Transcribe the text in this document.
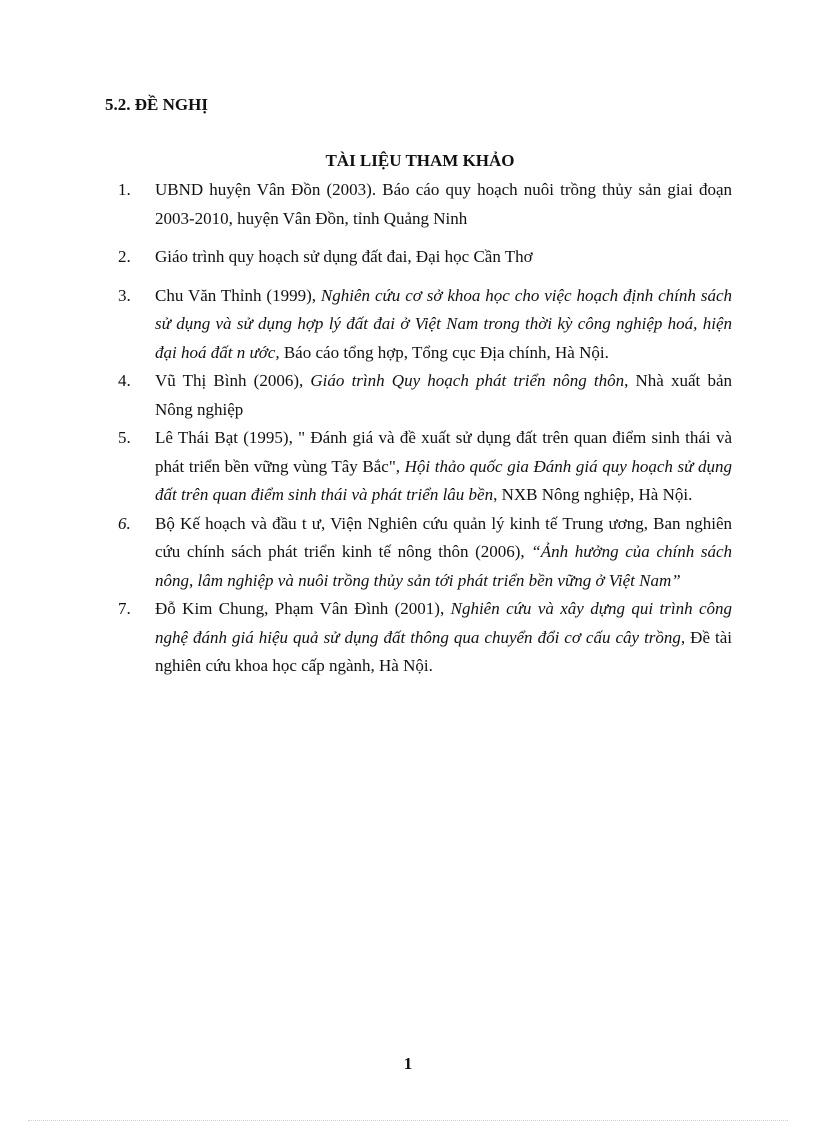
5.2. ĐỀ NGHỊ
TÀI LIỆU THAM KHẢO
1.	UBND huyện Vân Đồn (2003). Báo cáo quy hoạch nuôi trồng thủy sản giai đoạn 2003-2010, huyện Vân Đồn, tỉnh Quảng Ninh
2.	Giáo trình quy hoạch sử dụng đất đai, Đại học Cần Thơ
3.	Chu Văn Thỉnh (1999), Nghiên cứu cơ sở khoa học cho việc hoạch định chính sách sử dụng và sử dụng hợp lý đất đai ở Việt Nam trong thời kỳ công nghiệp hoá, hiện đại hoá đất n ước, Báo cáo tổng hợp, Tổng cục Địa chính, Hà Nội.
4.	Vũ Thị Bình (2006), Giáo trình Quy hoạch phát triển nông thôn, Nhà xuất bản Nông nghiệp
5.	Lê Thái Bạt (1995), " Đánh giá và đề xuất sử dụng đất trên quan điểm sinh thái và phát triển bền vững vùng Tây Bắc", Hội thảo quốc gia Đánh giá quy hoạch sử dụng đất trên quan điểm sinh thái và phát triển lâu bền, NXB Nông nghiệp, Hà Nội.
6.	Bộ Kế hoạch và đầu t ư, Viện Nghiên cứu quản lý kinh tế Trung ương, Ban nghiên cứu chính sách phát triển kinh tế nông thôn (2006), “Ảnh hưởng của chính sách nông, lâm nghiệp và nuôi trồng thủy sản tới phát triển bền vững ở Việt Nam”
7.	Đỗ Kim Chung, Phạm Vân Đình (2001), Nghiên cứu và xây dựng qui trình công nghệ đánh giá hiệu quả sử dụng đất thông qua chuyển đổi cơ cấu cây trồng, Đề tài nghiên cứu khoa học cấp ngành, Hà Nội.
1
